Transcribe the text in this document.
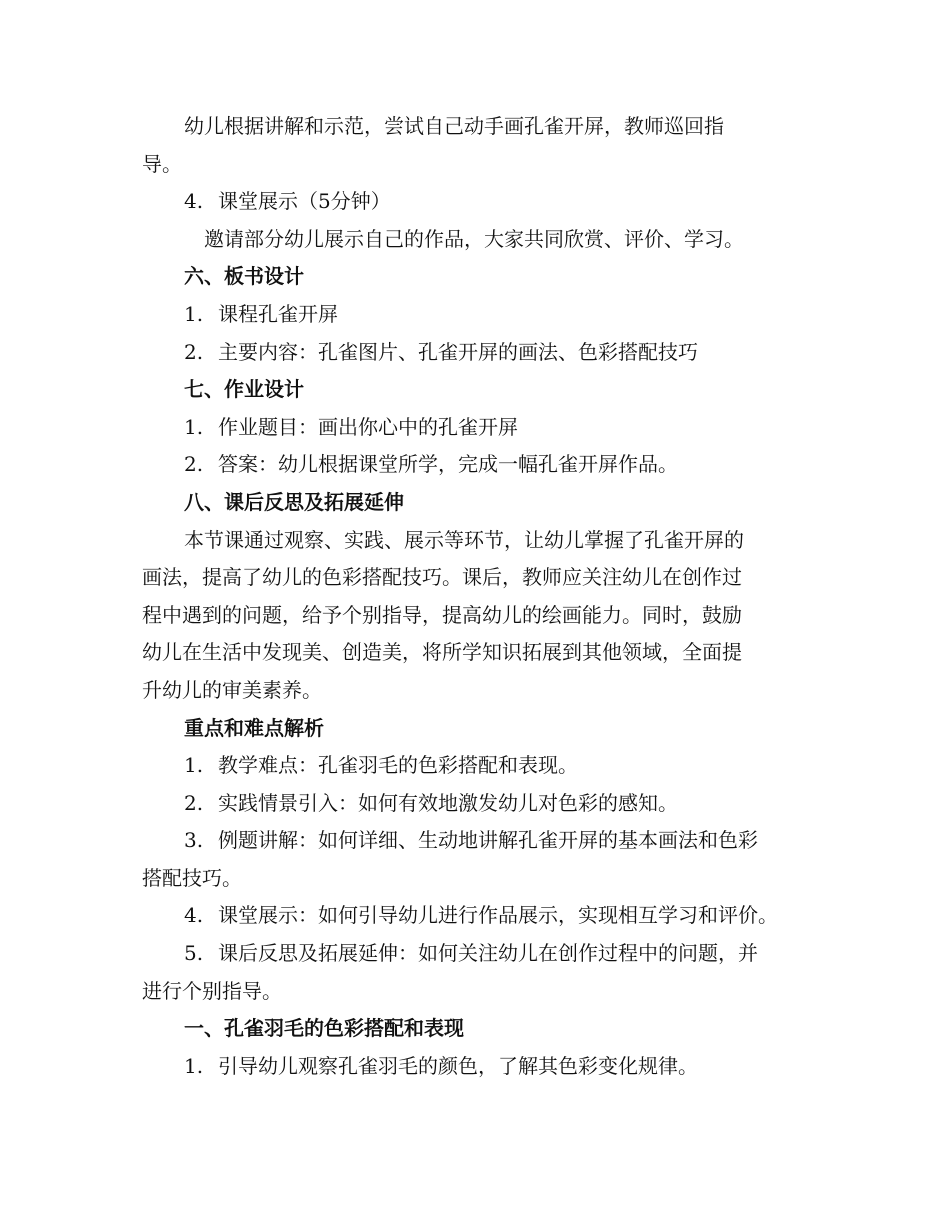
幼儿根据讲解和示范，尝试自己动手画孔雀开屏，教师巡回指
导。
4. 课堂展示（5分钟）
　邀请部分幼儿展示自己的作品，大家共同欣赏、评价、学习。
六、板书设计
1. 课程孔雀开屏
2. 主要内容：孔雀图片、孔雀开屏的画法、色彩搭配技巧
七、作业设计
1. 作业题目：画出你心中的孔雀开屏
2. 答案：幼儿根据课堂所学，完成一幅孔雀开屏作品。
八、课后反思及拓展延伸
本节课通过观察、实践、展示等环节，让幼儿掌握了孔雀开屏的
画法，提高了幼儿的色彩搭配技巧。课后，教师应关注幼儿在创作过
程中遇到的问题，给予个别指导，提高幼儿的绘画能力。同时，鼓励
幼儿在生活中发现美、创造美，将所学知识拓展到其他领域，全面提
升幼儿的审美素养。
重点和难点解析
1. 教学难点：孔雀羽毛的色彩搭配和表现。
2. 实践情景引入：如何有效地激发幼儿对色彩的感知。
3. 例题讲解：如何详细、生动地讲解孔雀开屏的基本画法和色彩
搭配技巧。
4. 课堂展示：如何引导幼儿进行作品展示，实现相互学习和评价。
5. 课后反思及拓展延伸：如何关注幼儿在创作过程中的问题，并
进行个别指导。
一、孔雀羽毛的色彩搭配和表现
1. 引导幼儿观察孔雀羽毛的颜色，了解其色彩变化规律。
